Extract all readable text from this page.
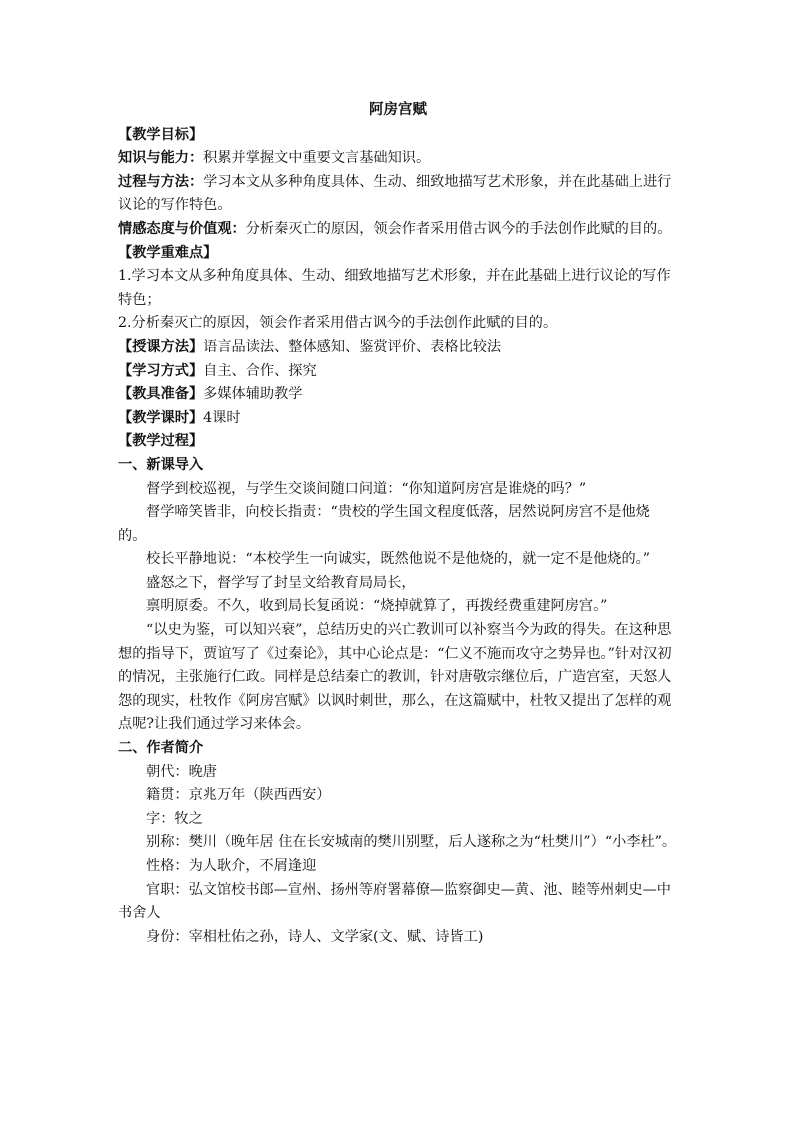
阿房宫赋

【教学目标】

知识与能力：积累并掌握文中重要文言基础知识。

过程与方法：学习本文从多种角度具体、生动、细致地描写艺术形象，并在此基础上进行议论的写作特色。

情感态度与价值观：分析秦灭亡的原因，领会作者采用借古讽今的手法创作此赋的目的。

【教学重难点】

1.学习本文从多种角度具体、生动、细致地描写艺术形象，并在此基础上进行议论的写作特色；

2.分析秦灭亡的原因，领会作者采用借古讽今的手法创作此赋的目的。

【授课方法】语言品读法、整体感知、鉴赏评价、表格比较法

【学习方式】自主、合作、探究

【教具准备】多媒体辅助教学

【教学课时】4课时

【教学过程】

一、新课导入

督学到校巡视，与学生交谈间随口问道：“你知道阿房宫是谁烧的吗？”

督学啼笑皆非，向校长指责：“贵校的学生国文程度低落，居然说阿房宫不是他烧的。

校长平静地说：“本校学生一向诚实，既然他说不是他烧的，就一定不是他烧的。”

盛怒之下，督学写了封呈文给教育局局长，

禀明原委。不久，收到局长复函说：“烧掉就算了，再拨经费重建阿房宫。”

“以史为鉴，可以知兴衰”，总结历史的兴亡教训可以补察当今为政的得失。在这种思想的指导下，贾谊写了《过秦论》，其中心论点是：“仁义不施而攻守之势异也。”针对汉初的情况，主张施行仁政。同样是总结秦亡的教训，针对唐敬宗继位后，广造宫室，天怒人怨的现实，杜牧作《阿房宫赋》以讽时刺世，那么，在这篇赋中，杜牧又提出了怎样的观点呢?让我们通过学习来体会。

二、作者简介

朝代：晚唐

籍贯：京兆万年（陕西西安）

字：牧之

别称：樊川（晚年居 住在长安城南的樊川别墅，后人遂称之为“杜樊川”）“小李杜”。

性格：为人耿介，不屑逢迎

官职：弘文馆校书郎—宣州、扬州等府署幕僚—监察御史—黄、池、睦等州刺史—中书舍人

身份：宰相杜佑之孙，诗人、文学家(文、赋、诗皆工)
